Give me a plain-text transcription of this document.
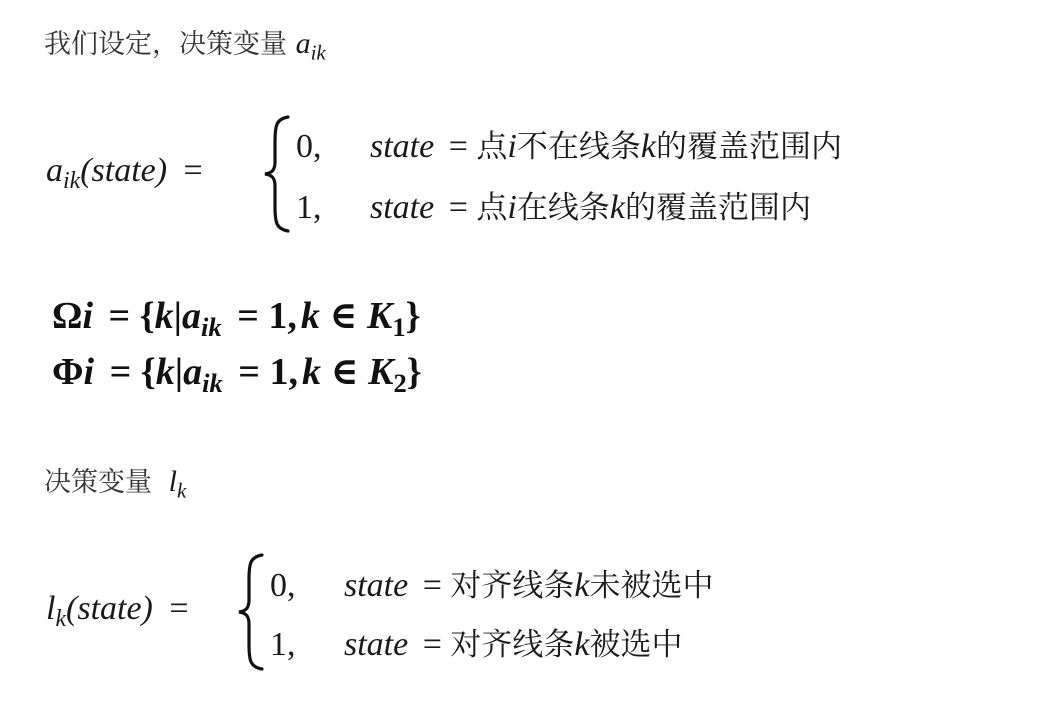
我们设定，决策变量 $a_{ik}$
$a_{ik}(state)$ =
0, state = 点i不在线条k的覆盖范围内
1, state = 点i在线条k的覆盖范围内
$\Omega i = \{k|a_{ik} = 1$, k ∈ $K_1$}
$\Phi i = \{k|a_{ik} = 1$, k ∈ $K_2$}
决策变量 $l_k$
$l_k(state)$ =
0, state = 对齐线条k未被选中
1, state = 对齐线条k被选中
